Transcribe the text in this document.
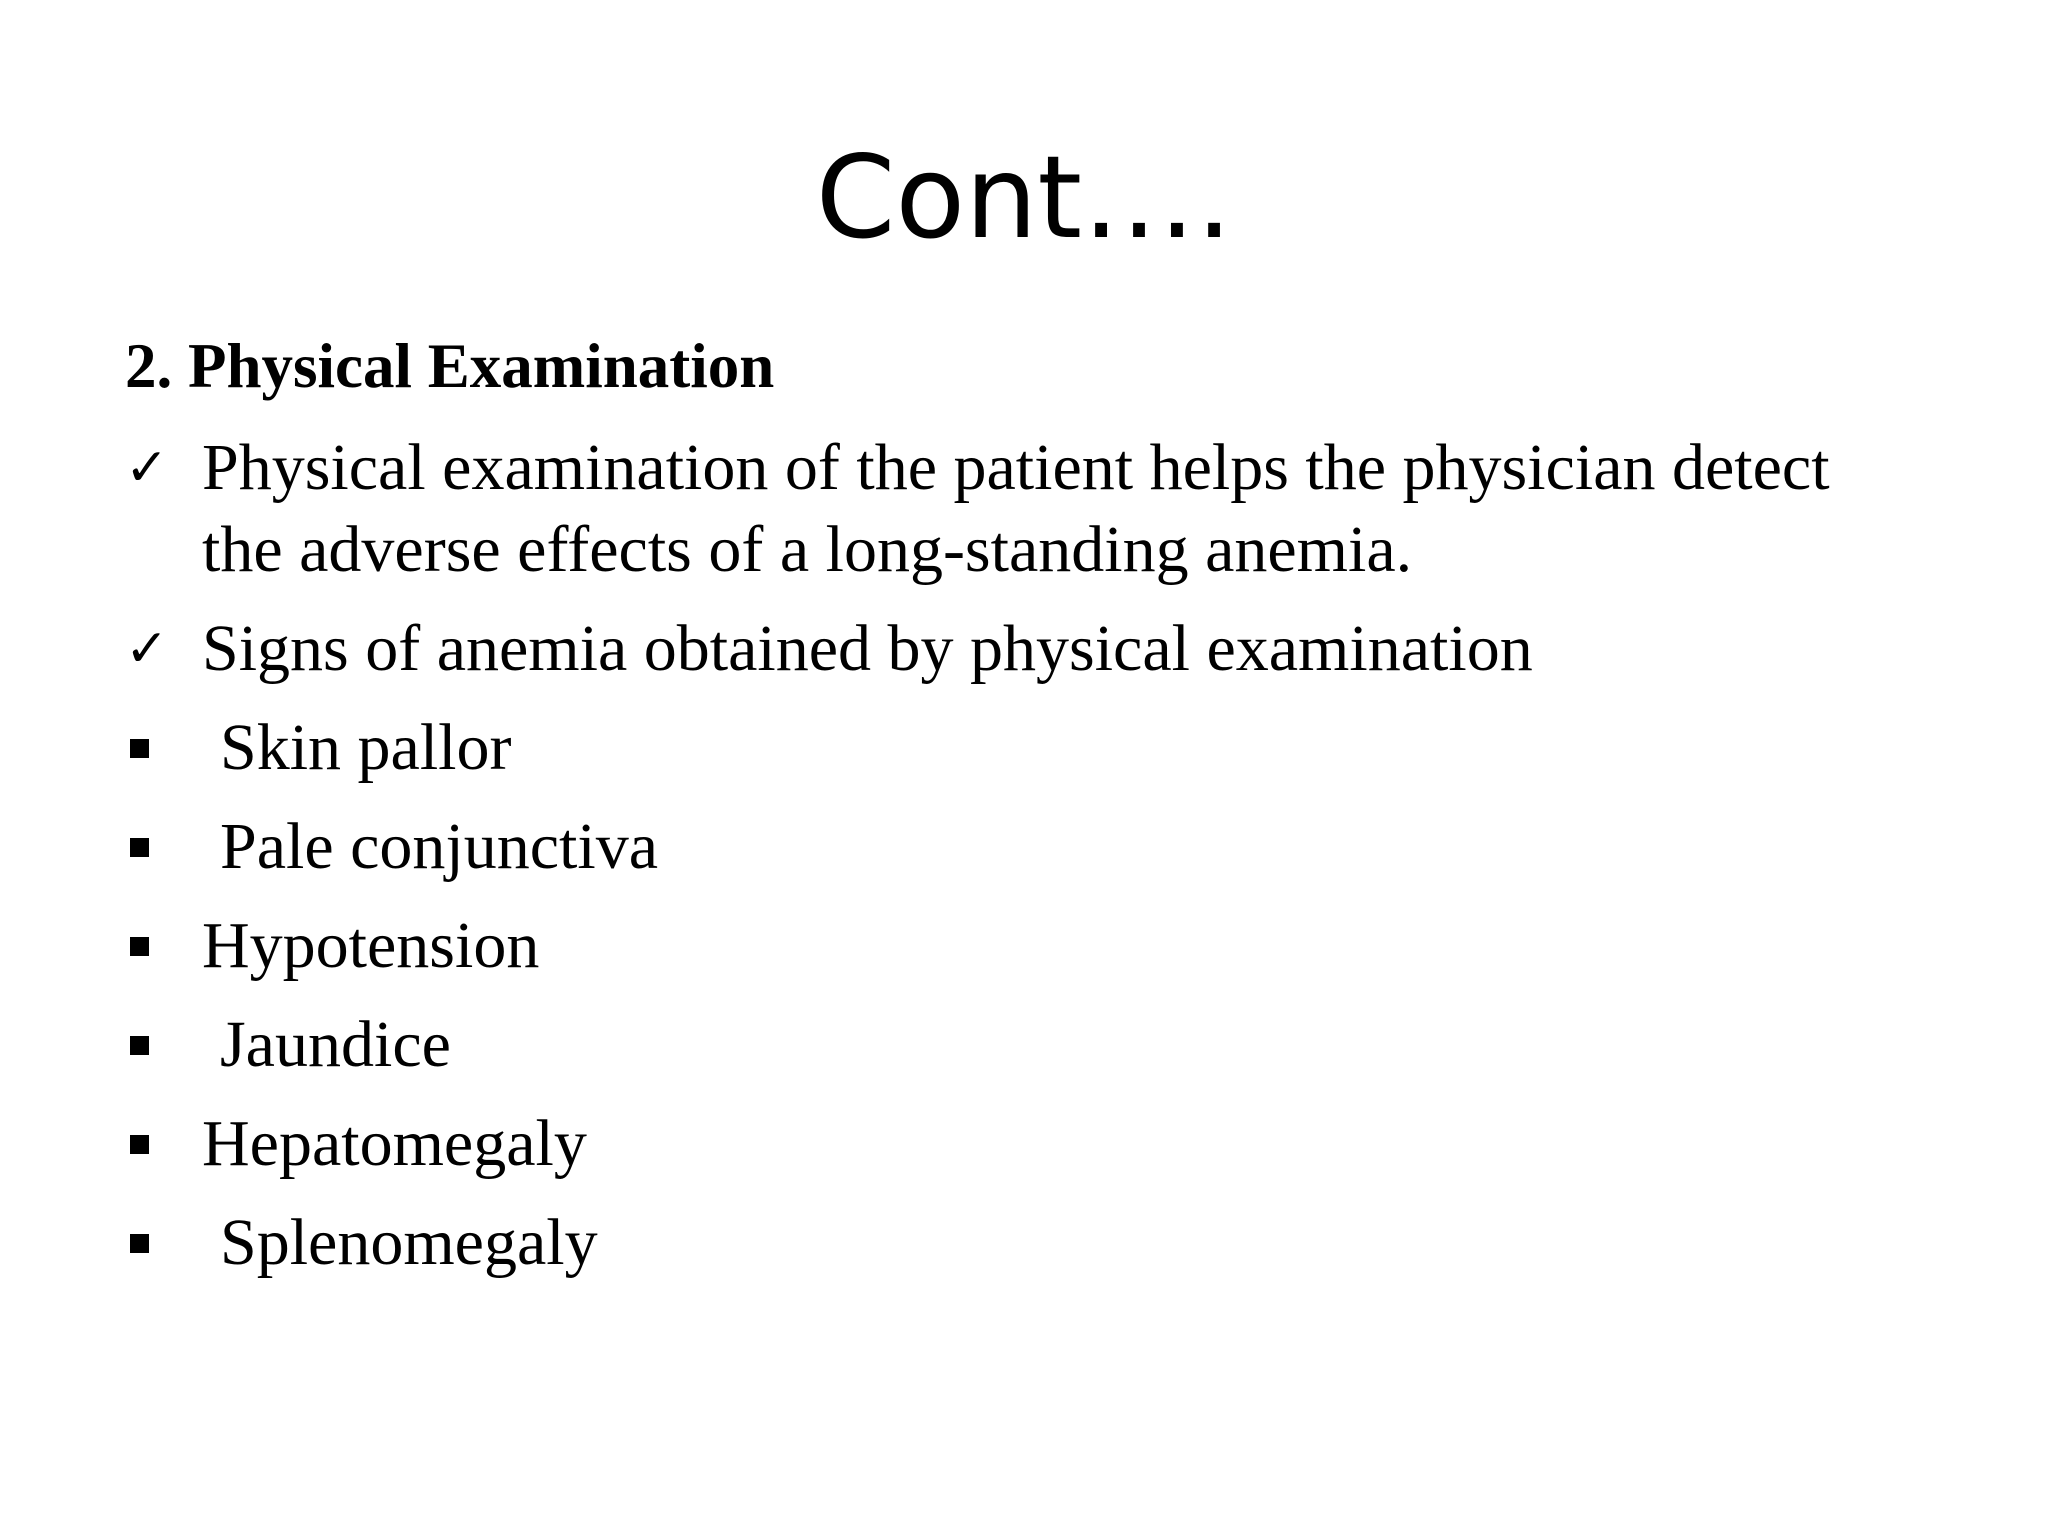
Cont….
2. Physical Examination
✓ Physical examination of the patient helps the physician detect
the adverse effects of a long-standing anemia.
✓ Signs of anemia obtained by physical examination
Skin pallor
Pale conjunctiva
Hypotension
Jaundice
Hepatomegaly
Splenomegaly
